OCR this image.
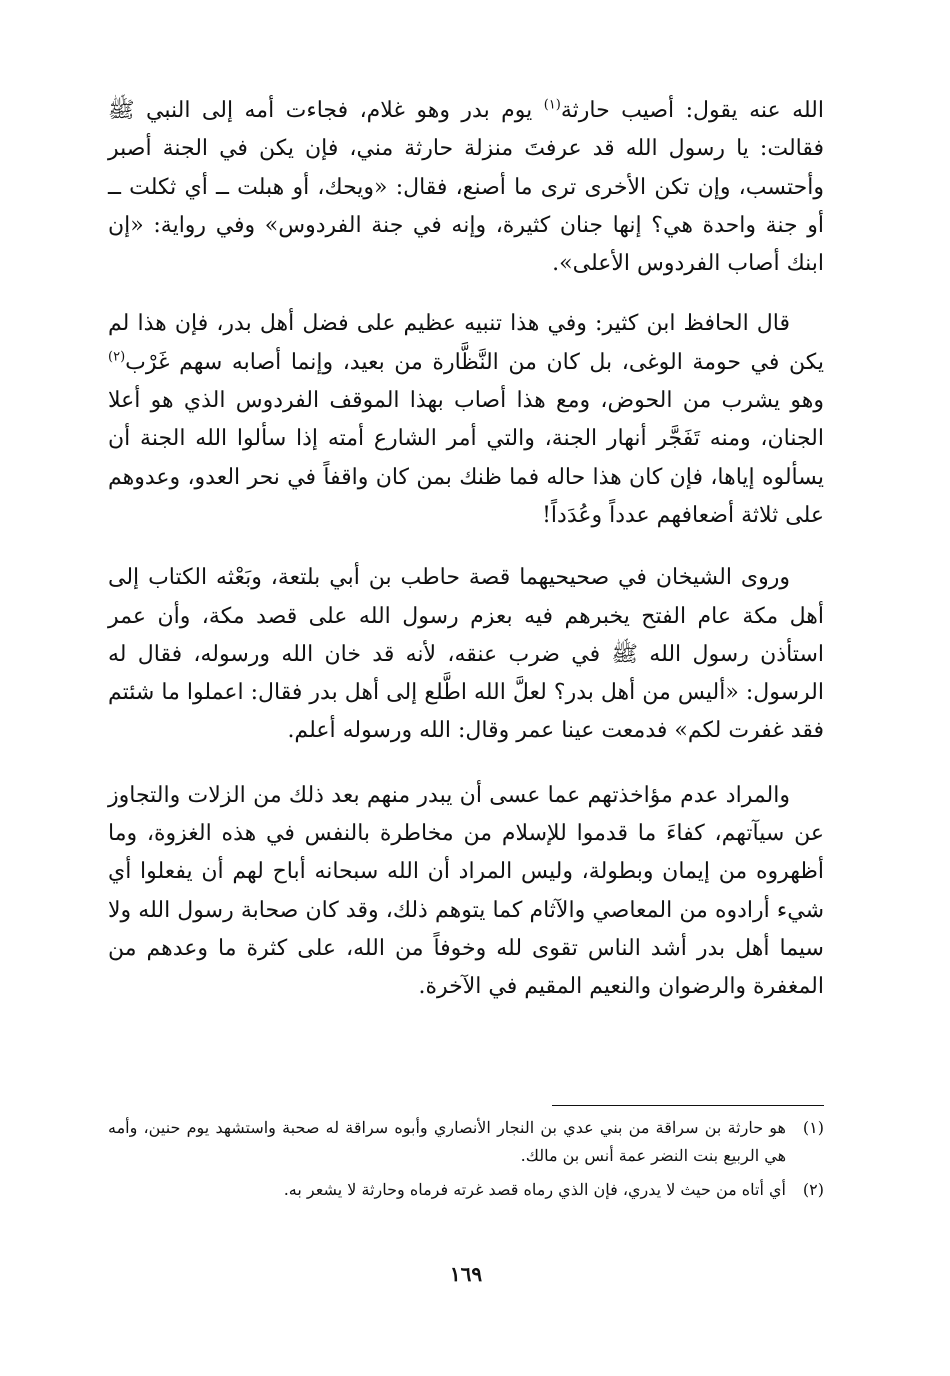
الله عنه يقول: أصيب حارثة$^{(١)}$ يوم بدر وهو غلام، فجاءت أمه إلى النبي ﷺ فقالت: يا رسول الله قد عرفتَ منزلة حارثة مني، فإن يكن في الجنة أصبر وأحتسب، وإن تكن الأخرى ترى ما أصنع، فقال: «ويحك، أو هبلت ــ أي ثكلت ــ أو جنة واحدة هي؟ إنها جنان كثيرة، وإنه في جنة الفردوس» وفي رواية: «إن ابنك أصاب الفردوس الأعلى».

قال الحافظ ابن كثير: وفي هذا تنبيه عظيم على فضل أهل بدر، فإن هذا لم يكن في حومة الوغى، بل كان من النَّظَّارة من بعيد، وإنما أصابه سهم غَرْب$^{(٢)}$ وهو يشرب من الحوض، ومع هذا أصاب بهذا الموقف الفردوس الذي هو أعلا الجنان، ومنه تَفَجَّر أنهار الجنة، والتي أمر الشارع أمته إذا سألوا الله الجنة أن يسألوه إياها، فإن كان هذا حاله فما ظنك بمن كان واقفاً في نحر العدو، وعدوهم على ثلاثة أضعافهم عدداً وعُدَداً!

وروى الشيخان في صحيحيهما قصة حاطب بن أبي بلتعة، وبَعْثه الكتاب إلى أهل مكة عام الفتح يخبرهم فيه بعزم رسول الله على قصد مكة، وأن عمر استأذن رسول الله ﷺ في ضرب عنقه، لأنه قد خان الله ورسوله، فقال له الرسول: «أليس من أهل بدر؟ لعلَّ الله اطَّلع إلى أهل بدر فقال: اعملوا ما شئتم فقد غفرت لكم» فدمعت عينا عمر وقال: الله ورسوله أعلم.

والمراد عدم مؤاخذتهم عما عسى أن يبدر منهم بعد ذلك من الزلات والتجاوز عن سيآتهم، كفاءَ ما قدموا للإسلام من مخاطرة بالنفس في هذه الغزوة، وما أظهروه من إيمان وبطولة، وليس المراد أن الله سبحانه أباح لهم أن يفعلوا أي شيء أرادوه من المعاصي والآثام كما يتوهم ذلك، وقد كان صحابة رسول الله ولا سيما أهل بدر أشد الناس تقوى لله وخوفاً من الله، على كثرة ما وعدهم من المغفرة والرضوان والنعيم المقيم في الآخرة.

(١)
هو حارثة بن سراقة من بني عدي بن النجار الأنصاري وأبوه سراقة له صحبة واستشهد يوم حنين، وأمه هي الربيع بنت النضر عمة أنس بن مالك.

(٢)
أي أتاه من حيث لا يدري، فإن الذي رماه قصد غرته فرماه وحارثة لا يشعر به.

١٦٩
